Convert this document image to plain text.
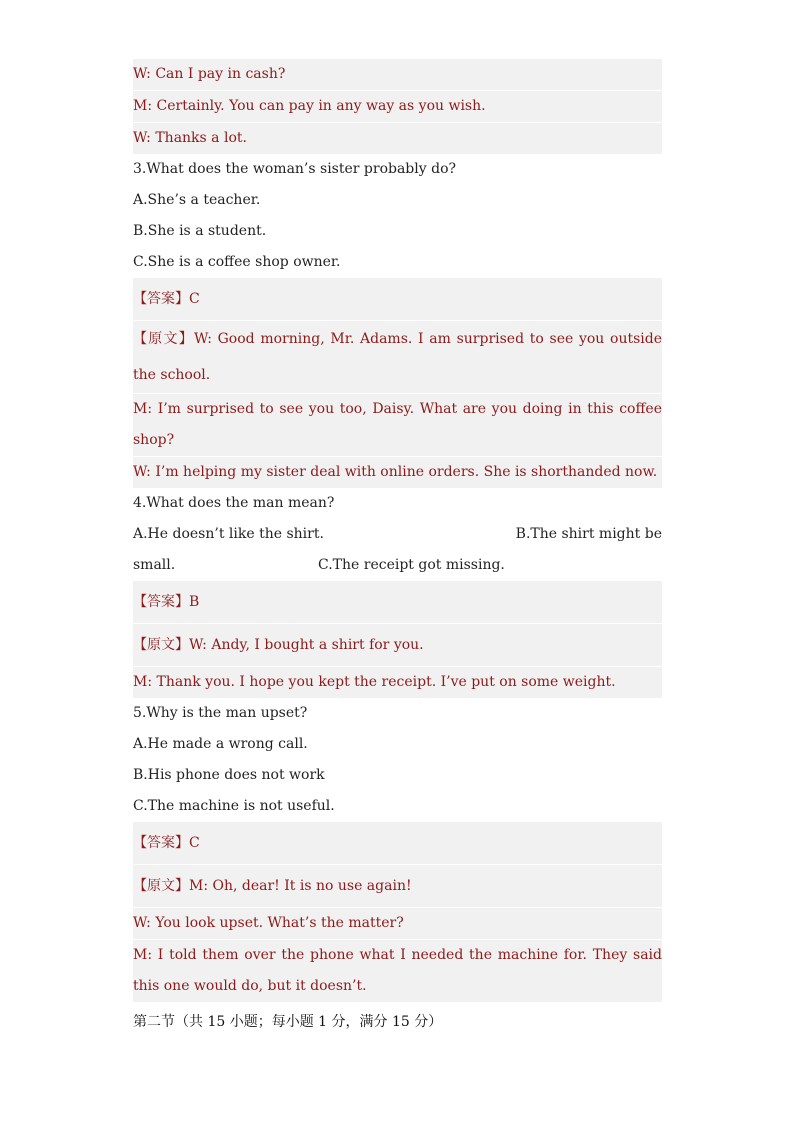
W: Can I pay in cash?
M: Certainly. You can pay in any way as you wish.
W: Thanks a lot.
3.What does the woman’s sister probably do?
A.She’s a teacher.
B.She is a student.
C.She is a coffee shop owner.
【答案】C
【原文】W: Good morning, Mr. Adams. I am surprised to see you outside the school.
M: I’m surprised to see you too, Daisy. What are you doing in this coffee shop?
W: I’m helping my sister deal with online orders. She is shorthanded now.
4.What does the man mean?
A.He doesn’t like the shirt.	B.The shirt might be
small.	C.The receipt got missing.
【答案】B
【原文】W: Andy, I bought a shirt for you.
M: Thank you. I hope you kept the receipt. I’ve put on some weight.
5.Why is the man upset?
A.He made a wrong call.
B.His phone does not work
C.The machine is not useful.
【答案】C
【原文】M: Oh, dear! It is no use again!
W: You look upset. What’s the matter?
M: I told them over the phone what I needed the machine for. They said this one would do, but it doesn’t.
第二节（共 15 小题；每小题 1 分，满分 15 分）
